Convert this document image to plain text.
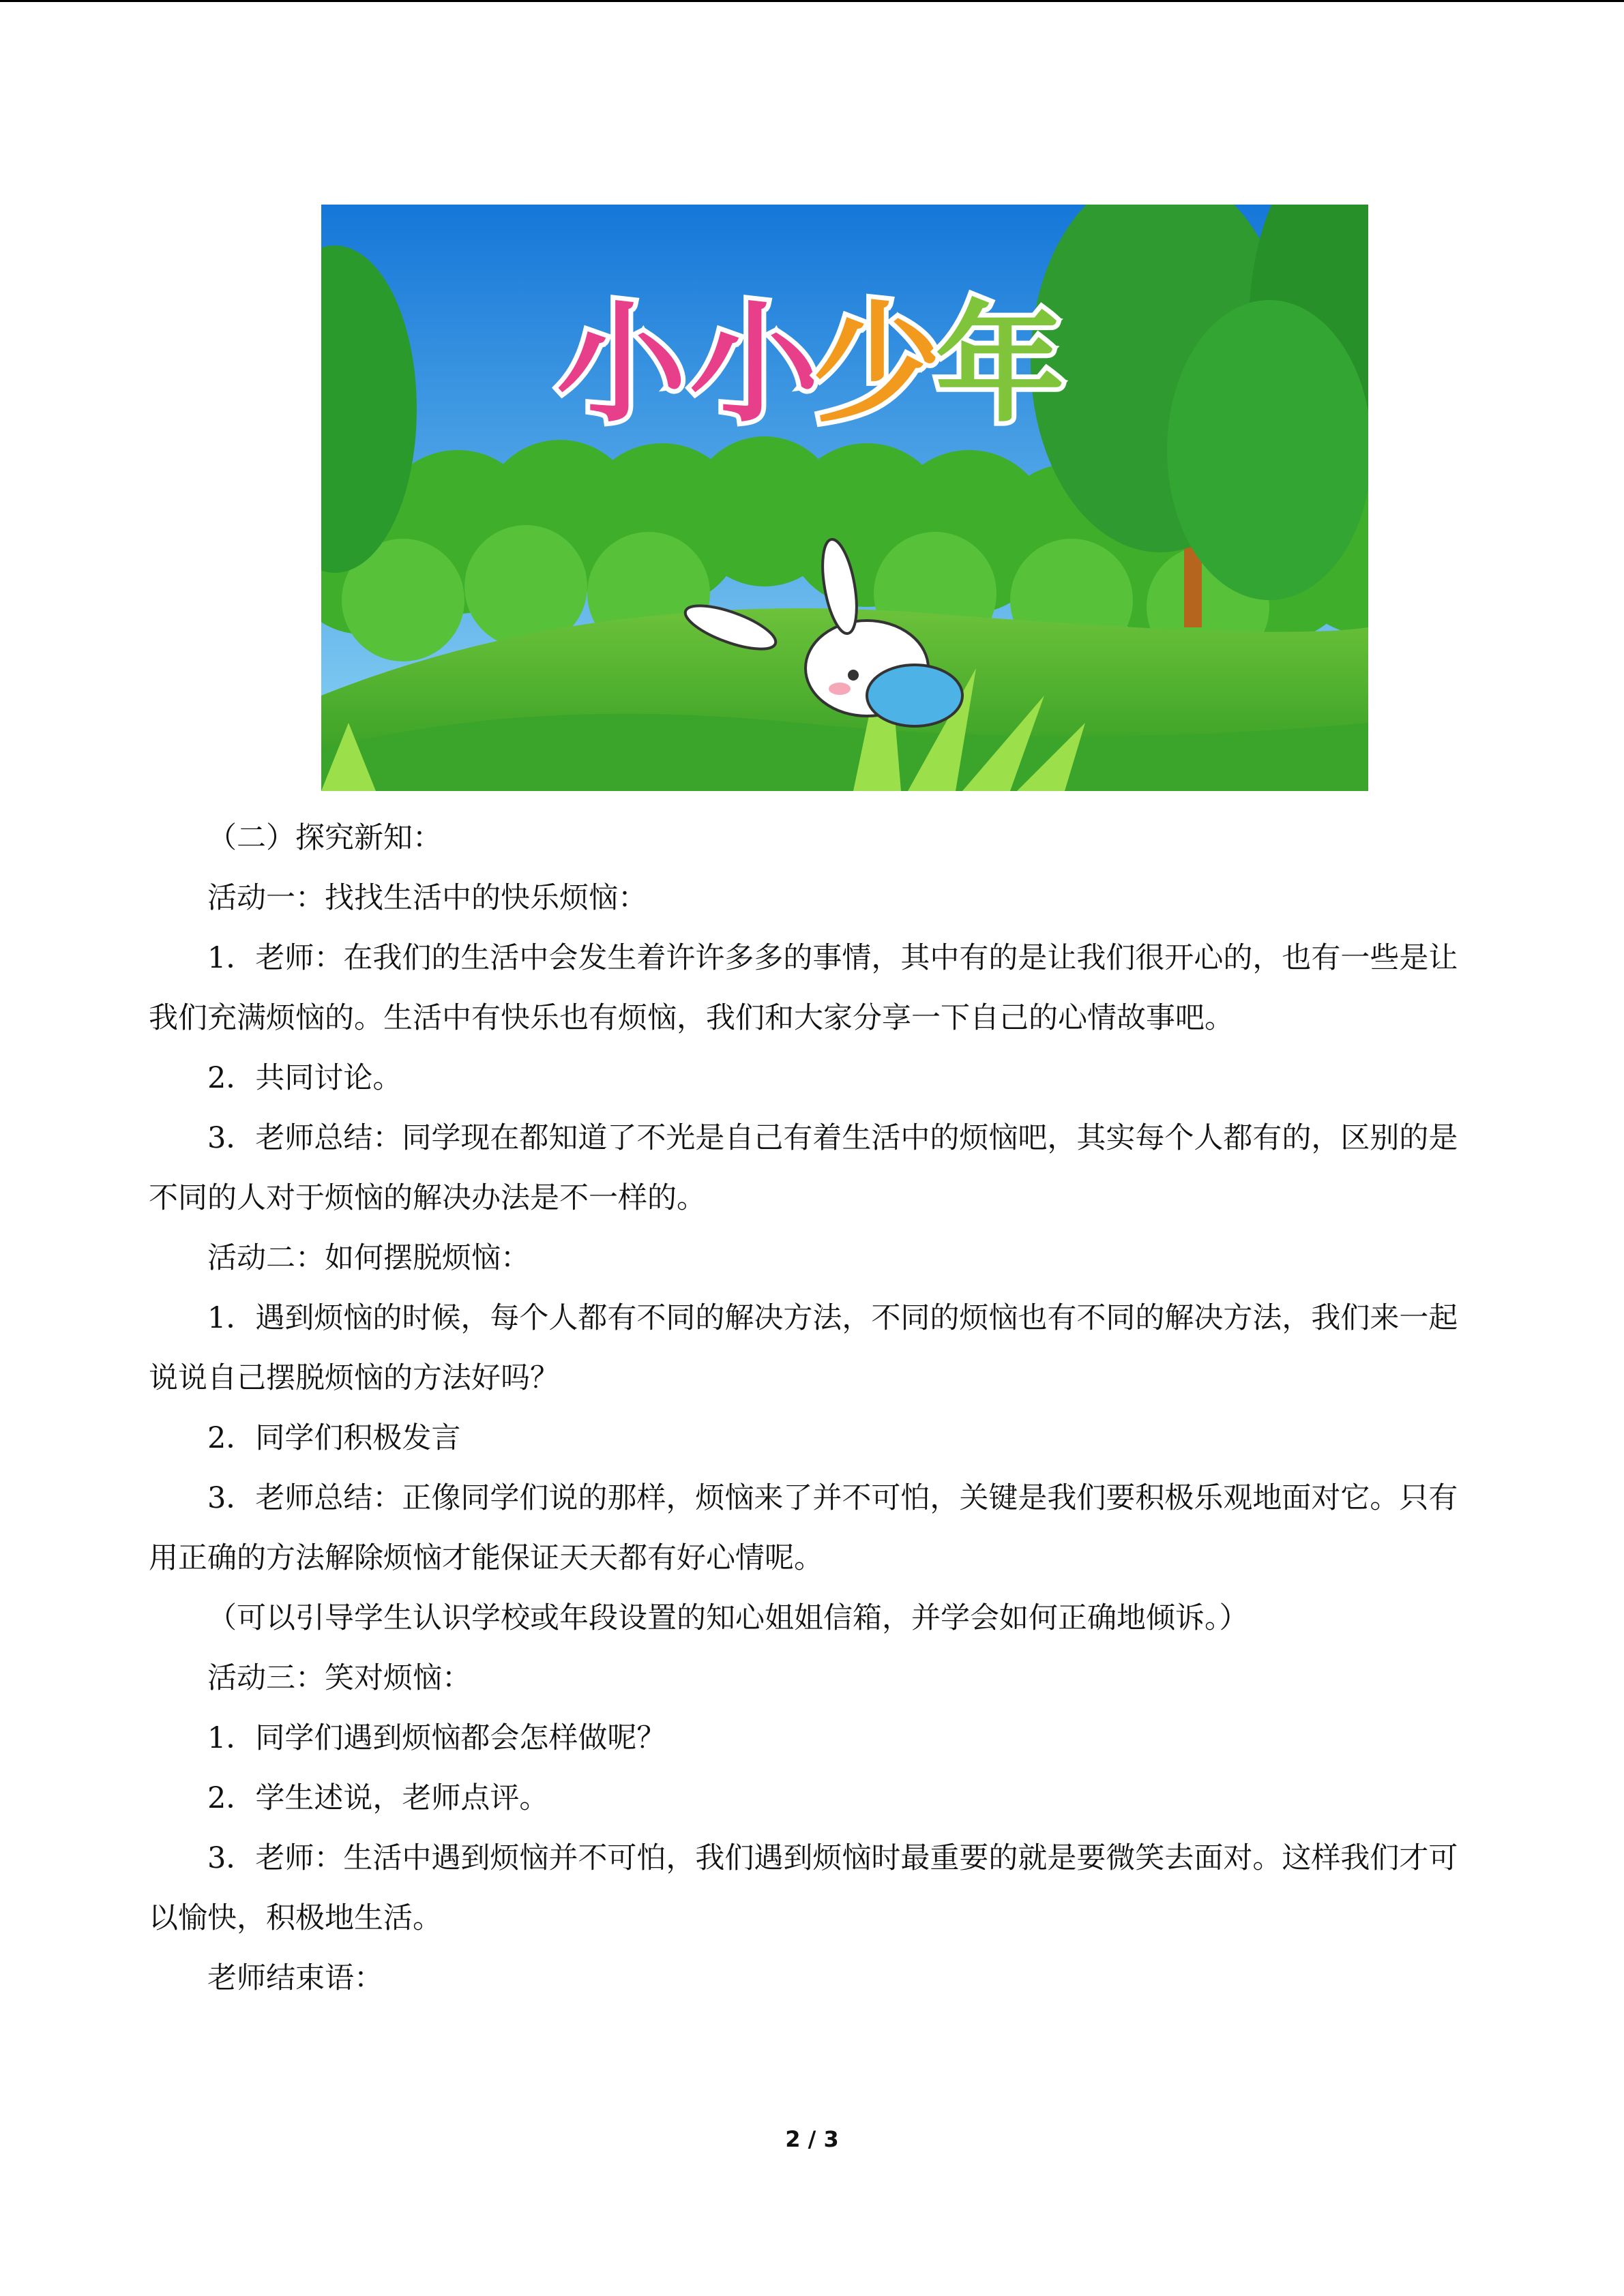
小 小
少
年

（二）探究新知：

活动一：找找生活中的快乐烦恼：

1．老师：在我们的生活中会发生着许许多多的事情，其中有的是让我们很开心的，也有一些是让我们充满烦恼的。生活中有快乐也有烦恼，我们和大家分享一下自己的心情故事吧。

2．共同讨论。

3．老师总结：同学现在都知道了不光是自己有着生活中的烦恼吧，其实每个人都有的，区别的是不同的人对于烦恼的解决办法是不一样的。

活动二：如何摆脱烦恼：

1．遇到烦恼的时候，每个人都有不同的解决方法，不同的烦恼也有不同的解决方法，我们来一起说说自己摆脱烦恼的方法好吗？

2．同学们积极发言

3．老师总结：正像同学们说的那样，烦恼来了并不可怕，关键是我们要积极乐观地面对它。只有用正确的方法解除烦恼才能保证天天都有好心情呢。

（可以引导学生认识学校或年段设置的知心姐姐信箱，并学会如何正确地倾诉。）

活动三：笑对烦恼：

1．同学们遇到烦恼都会怎样做呢？

2．学生述说，老师点评。

3．老师：生活中遇到烦恼并不可怕，我们遇到烦恼时最重要的就是要微笑去面对。这样我们才可以愉快，积极地生活。

老师结束语：

2 / 3
